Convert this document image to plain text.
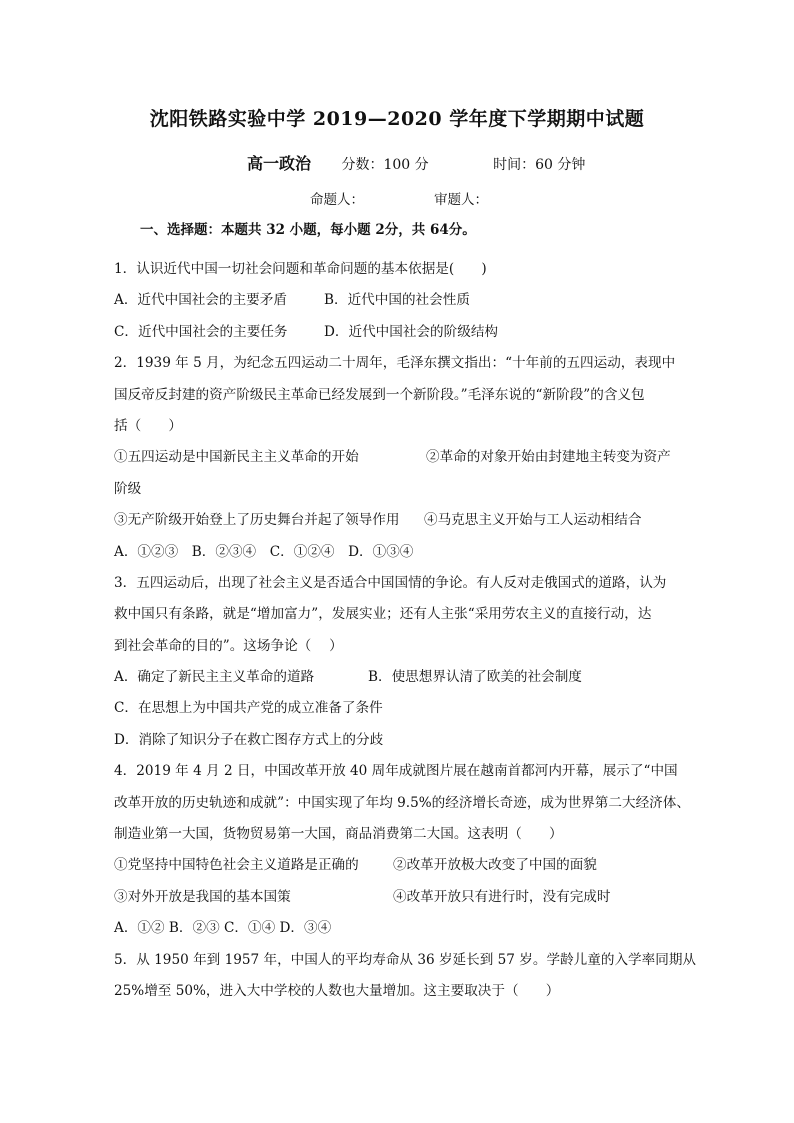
沈阳铁路实验中学 2019—2020 学年度下学期期中试题
高一政治 分数：100 分	时间：60 分钟
命题人：	审题人：
一、选择题：本题共 32 小题，每小题 2分，共 64分。
1．认识近代中国一切社会问题和革命问题的基本依据是(　　)
A．近代中国社会的主要矛盾	B．近代中国的社会性质
C．近代中国社会的主要任务	D．近代中国社会的阶级结构
2．1939 年 5 月，为纪念五四运动二十周年，毛泽东撰文指出：“十年前的五四运动，表现中
国反帝反封建的资产阶级民主革命已经发展到一个新阶段。”毛泽东说的“新阶段”的含义包
括（　　）
①五四运动是中国新民主主义革命的开始	②革命的对象开始由封建地主转变为资产
阶级
③无产阶级开始登上了历史舞台并起了领导作用 ④马克思主义开始与工人运动相结合
A．①②③　B．②③④　C．①②④　D．①③④
3．五四运动后，出现了社会主义是否适合中国国情的争论。有人反对走俄国式的道路，认为
救中国只有条路，就是“增加富力”，发展实业；还有人主张“采用劳农主义的直接行动，达
到社会革命的目的”。这场争论（　 ）
A．确定了新民主主义革命的道路	B．使思想界认清了欧美的社会制度
C．在思想上为中国共产党的成立准备了条件
D．消除了知识分子在救亡图存方式上的分歧
4．2019 年 4 月 2 日，中国改革开放 40 周年成就图片展在越南首都河内开幕，展示了“中国
改革开放的历史轨迹和成就”：中国实现了年均 9.5%的经济增长奇迹，成为世界第二大经济体、
制造业第一大国，货物贸易第一大国，商品消费第二大国。这表明（　　）
①党坚持中国特色社会主义道路是正确的	②改革开放极大改变了中国的面貌
③对外开放是我国的基本国策	④改革开放只有进行时，没有完成时
A．①② B．②③ C．①④ D．③④
5．从 1950 年到 1957 年，中国人的平均寿命从 36 岁延长到 57 岁。学龄儿童的入学率同期从
25%增至 50%，进入大中学校的人数也大量增加。这主要取决于（　　）
